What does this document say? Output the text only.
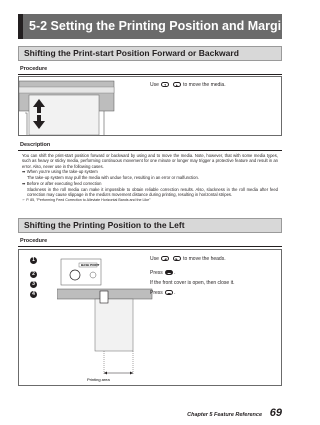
5-2 Setting the Printing Position and Margins
Shifting the Print-start Position Forward or Backward
Procedure
Use ▼	▲ to move the media.
Description

You can shift the print-start position forward or backward by using and to move the media. Note, however, that with some media types, such as heavy or sticky media, performing continuous movement for one minute or longer may trigger a protective feature and result in an error. Also, never use in the following cases.

➡ When you're using the take-up system

The take-up system may pull the media with undue force, resulting in an error or malfunction.

➡ Before or after executing feed correction

Slackness in the roll media can make it impossible to obtain reliable correction results. Also, slackness in the roll media after feed correction may cause slippage in the media's movement distance during printing, resulting in horizontal stripes.

☞ P. 85, "Performing Feed Correction to Alleviate Horizontal Bands and the Like"

Shifting the Printing Position to the Left
Procedure
1
2
3
4
BASE POINT
Printing area
Use ◀	▶ to move the heads.
Press ▬ .
If the front cover is open, then close it.
Press ▬ .
Chapter 5 Feature Reference 69
